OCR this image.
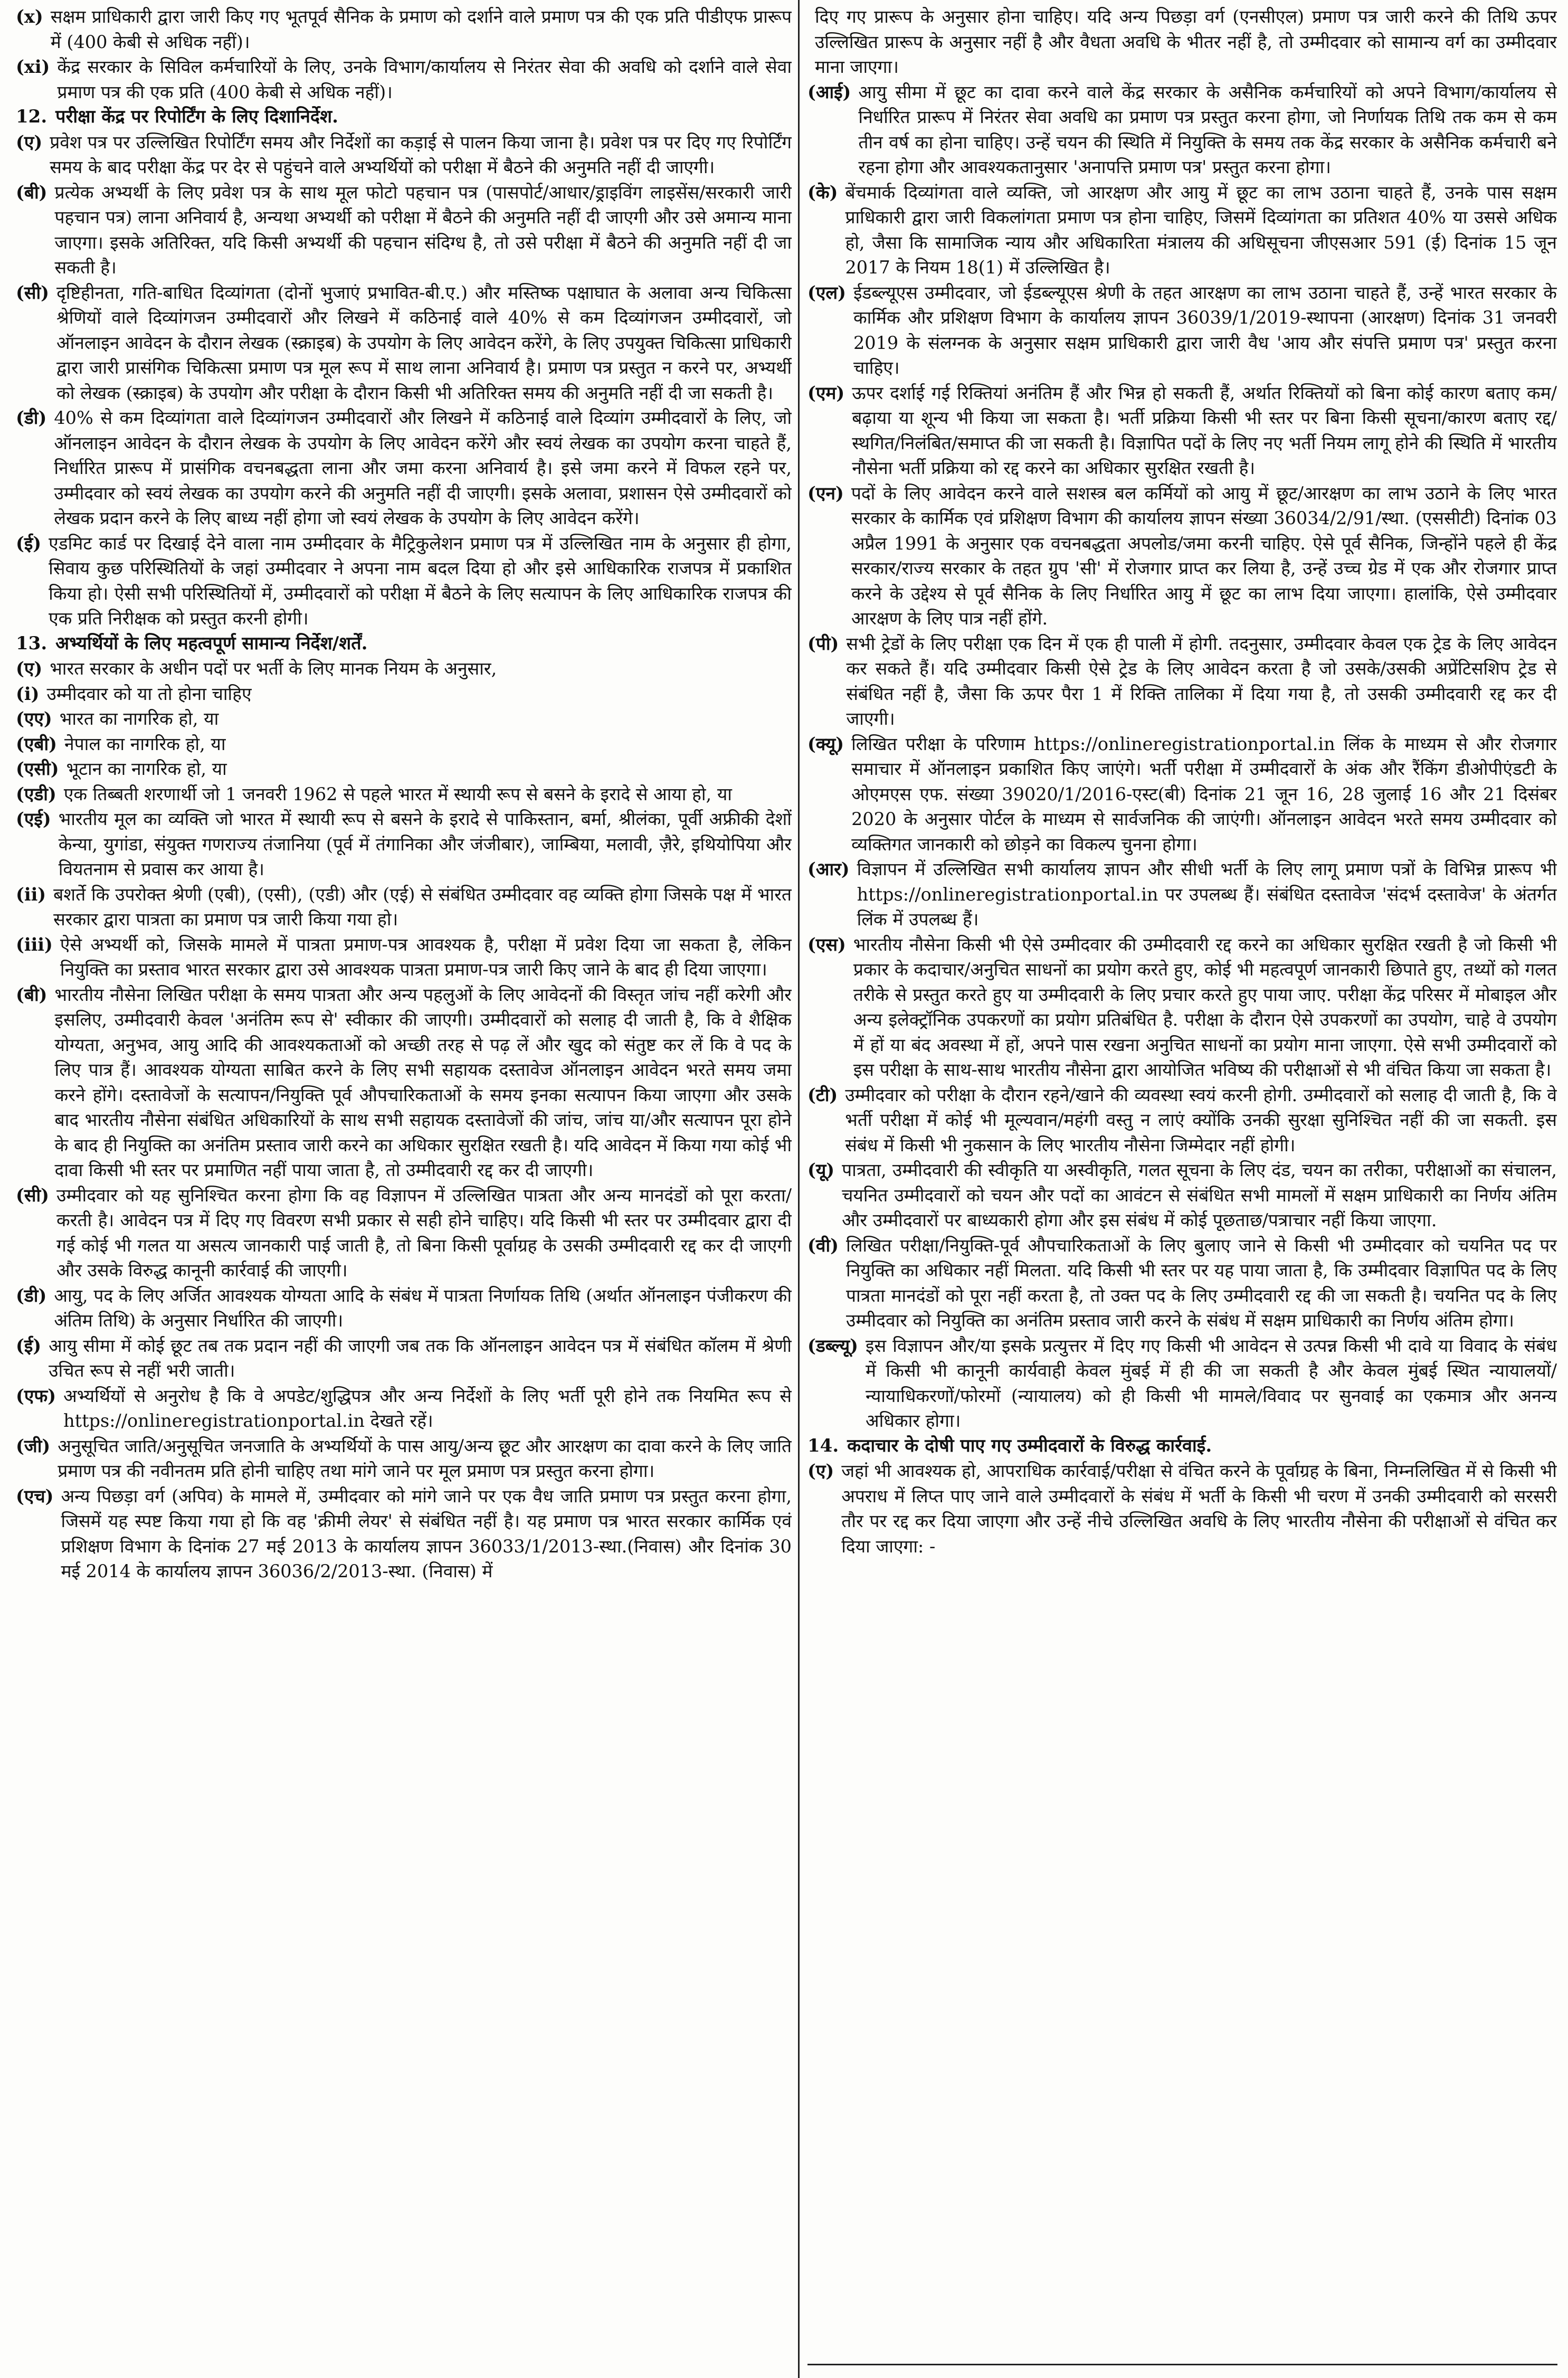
(x) सक्षम प्राधिकारी द्वारा जारी किए गए भूतपूर्व सैनिक के प्रमाण को दर्शाने वाले प्रमाण पत्र की एक प्रति पीडीएफ प्रारूप में (400 केबी से अधिक नहीं)।
(xi) केंद्र सरकार के सिविल कर्मचारियों के लिए, उनके विभाग/कार्यालय से निरंतर सेवा की अवधि को दर्शाने वाले सेवा प्रमाण पत्र की एक प्रति (400 केबी से अधिक नहीं)।
12. परीक्षा केंद्र पर रिपोर्टिंग के लिए दिशानिर्देश.
(ए) प्रवेश पत्र पर उल्लिखित रिपोर्टिंग समय और निर्देशों का कड़ाई से पालन किया जाना है। प्रवेश पत्र पर दिए गए रिपोर्टिंग समय के बाद परीक्षा केंद्र पर देर से पहुंचने वाले अभ्यर्थियों को परीक्षा में बैठने की अनुमति नहीं दी जाएगी।
(बी) प्रत्येक अभ्यर्थी के लिए प्रवेश पत्र के साथ मूल फोटो पहचान पत्र (पासपोर्ट/आधार/ड्राइविंग लाइसेंस/सरकारी जारी पहचान पत्र) लाना अनिवार्य है, अन्यथा अभ्यर्थी को परीक्षा में बैठने की अनुमति नहीं दी जाएगी और उसे अमान्य माना जाएगा। इसके अतिरिक्त, यदि किसी अभ्यर्थी की पहचान संदिग्ध है, तो उसे परीक्षा में बैठने की अनुमति नहीं दी जा सकती है।
(सी) दृष्टिहीनता, गति-बाधित दिव्यांगता (दोनों भुजाएं प्रभावित-बी.ए.) और मस्तिष्क पक्षाघात के अलावा अन्य चिकित्सा श्रेणियों वाले दिव्यांगजन उम्मीदवारों और लिखने में कठिनाई वाले 40% से कम दिव्यांगजन उम्मीदवारों, जो ऑनलाइन आवेदन के दौरान लेखक (स्क्राइब) के उपयोग के लिए आवेदन करेंगे, के लिए उपयुक्त चिकित्सा प्राधिकारी द्वारा जारी प्रासंगिक चिकित्सा प्रमाण पत्र मूल रूप में साथ लाना अनिवार्य है। प्रमाण पत्र प्रस्तुत न करने पर, अभ्यर्थी को लेखक (स्क्राइब) के उपयोग और परीक्षा के दौरान किसी भी अतिरिक्त समय की अनुमति नहीं दी जा सकती है।
(डी) 40% से कम दिव्यांगता वाले दिव्यांगजन उम्मीदवारों और लिखने में कठिनाई वाले दिव्यांग उम्मीदवारों के लिए, जो ऑनलाइन आवेदन के दौरान लेखक के उपयोग के लिए आवेदन करेंगे और स्वयं लेखक का उपयोग करना चाहते हैं, निर्धारित प्रारूप में प्रासंगिक वचनबद्धता लाना और जमा करना अनिवार्य है। इसे जमा करने में विफल रहने पर, उम्मीदवार को स्वयं लेखक का उपयोग करने की अनुमति नहीं दी जाएगी। इसके अलावा, प्रशासन ऐसे उम्मीदवारों को लेखक प्रदान करने के लिए बाध्य नहीं होगा जो स्वयं लेखक के उपयोग के लिए आवेदन करेंगे।
(ई) एडमिट कार्ड पर दिखाई देने वाला नाम उम्मीदवार के मैट्रिकुलेशन प्रमाण पत्र में उल्लिखित नाम के अनुसार ही होगा, सिवाय कुछ परिस्थितियों के जहां उम्मीदवार ने अपना नाम बदल दिया हो और इसे आधिकारिक राजपत्र में प्रकाशित किया हो। ऐसी सभी परिस्थितियों में, उम्मीदवारों को परीक्षा में बैठने के लिए सत्यापन के लिए आधिकारिक राजपत्र की एक प्रति निरीक्षक को प्रस्तुत करनी होगी।
13. अभ्यर्थियों के लिए महत्वपूर्ण सामान्य निर्देश/शर्तें.
(ए) भारत सरकार के अधीन पदों पर भर्ती के लिए मानक नियम के अनुसार,
(i) उम्मीदवार को या तो होना चाहिए
(एए) भारत का नागरिक हो, या
(एबी) नेपाल का नागरिक हो, या
(एसी) भूटान का नागरिक हो, या
(एडी) एक तिब्बती शरणार्थी जो 1 जनवरी 1962 से पहले भारत में स्थायी रूप से बसने के इरादे से आया हो, या
(एई) भारतीय मूल का व्यक्ति जो भारत में स्थायी रूप से बसने के इरादे से पाकिस्तान, बर्मा, श्रीलंका, पूर्वी अफ्रीकी देशों केन्या, युगांडा, संयुक्त गणराज्य तंजानिया (पूर्व में तंगानिका और जंजीबार), जाम्बिया, मलावी, ज़ैरे, इथियोपिया और वियतनाम से प्रवास कर आया है।
(ii) बशर्ते कि उपरोक्त श्रेणी (एबी), (एसी), (एडी) और (एई) से संबंधित उम्मीदवार वह व्यक्ति होगा जिसके पक्ष में भारत सरकार द्वारा पात्रता का प्रमाण पत्र जारी किया गया हो।
(iii) ऐसे अभ्यर्थी को, जिसके मामले में पात्रता प्रमाण-पत्र आवश्यक है, परीक्षा में प्रवेश दिया जा सकता है, लेकिन नियुक्ति का प्रस्ताव भारत सरकार द्वारा उसे आवश्यक पात्रता प्रमाण-पत्र जारी किए जाने के बाद ही दिया जाएगा।
(बी) भारतीय नौसेना लिखित परीक्षा के समय पात्रता और अन्य पहलुओं के लिए आवेदनों की विस्तृत जांच नहीं करेगी और इसलिए, उम्मीदवारी केवल 'अनंतिम रूप से' स्वीकार की जाएगी। उम्मीदवारों को सलाह दी जाती है, कि वे शैक्षिक योग्यता, अनुभव, आयु आदि की आवश्यकताओं को अच्छी तरह से पढ़ लें और खुद को संतुष्ट कर लें कि वे पद के लिए पात्र हैं। आवश्यक योग्यता साबित करने के लिए सभी सहायक दस्तावेज ऑनलाइन आवेदन भरते समय जमा करने होंगे। दस्तावेजों के सत्यापन/नियुक्ति पूर्व औपचारिकताओं के समय इनका सत्यापन किया जाएगा और उसके बाद भारतीय नौसेना संबंधित अधिकारियों के साथ सभी सहायक दस्तावेजों की जांच, जांच या/और सत्यापन पूरा होने के बाद ही नियुक्ति का अनंतिम प्रस्ताव जारी करने का अधिकार सुरक्षित रखती है। यदि आवेदन में किया गया कोई भी दावा किसी भी स्तर पर प्रमाणित नहीं पाया जाता है, तो उम्मीदवारी रद्द कर दी जाएगी।
(सी) उम्मीदवार को यह सुनिश्चित करना होगा कि वह विज्ञापन में उल्लिखित पात्रता और अन्य मानदंडों को पूरा करता/करती है। आवेदन पत्र में दिए गए विवरण सभी प्रकार से सही होने चाहिए। यदि किसी भी स्तर पर उम्मीदवार द्वारा दी गई कोई भी गलत या असत्य जानकारी पाई जाती है, तो बिना किसी पूर्वाग्रह के उसकी उम्मीदवारी रद्द कर दी जाएगी और उसके विरुद्ध कानूनी कार्रवाई की जाएगी।
(डी) आयु, पद के लिए अर्जित आवश्यक योग्यता आदि के संबंध में पात्रता निर्णायक तिथि (अर्थात ऑनलाइन पंजीकरण की अंतिम तिथि) के अनुसार निर्धारित की जाएगी।
(ई) आयु सीमा में कोई छूट तब तक प्रदान नहीं की जाएगी जब तक कि ऑनलाइन आवेदन पत्र में संबंधित कॉलम में श्रेणी उचित रूप से नहीं भरी जाती।
(एफ) अभ्यर्थियों से अनुरोध है कि वे अपडेट/शुद्धिपत्र और अन्य निर्देशों के लिए भर्ती पूरी होने तक नियमित रूप से https://onlineregistrationportal.in देखते रहें।
(जी) अनुसूचित जाति/अनुसूचित जनजाति के अभ्यर्थियों के पास आयु/अन्य छूट और आरक्षण का दावा करने के लिए जाति प्रमाण पत्र की नवीनतम प्रति होनी चाहिए तथा मांगे जाने पर मूल प्रमाण पत्र प्रस्तुत करना होगा।
(एच) अन्य पिछड़ा वर्ग (अपिव) के मामले में, उम्मीदवार को मांगे जाने पर एक वैध जाति प्रमाण पत्र प्रस्तुत करना होगा, जिसमें यह स्पष्ट किया गया हो कि वह 'क्रीमी लेयर' से संबंधित नहीं है। यह प्रमाण पत्र भारत सरकार कार्मिक एवं प्रशिक्षण विभाग के दिनांक 27 मई 2013 के कार्यालय ज्ञापन 36033/1/2013-स्था.(निवास) और दिनांक 30 मई 2014 के कार्यालय ज्ञापन 36036/2/2013-स्था. (निवास) में
दिए गए प्रारूप के अनुसार होना चाहिए। यदि अन्य पिछड़ा वर्ग (एनसीएल) प्रमाण पत्र जारी करने की तिथि ऊपर उल्लिखित प्रारूप के अनुसार नहीं है और वैधता अवधि के भीतर नहीं है, तो उम्मीदवार को सामान्य वर्ग का उम्मीदवार माना जाएगा।
(आई) आयु सीमा में छूट का दावा करने वाले केंद्र सरकार के असैनिक कर्मचारियों को अपने विभाग/कार्यालय से निर्धारित प्रारूप में निरंतर सेवा अवधि का प्रमाण पत्र प्रस्तुत करना होगा, जो निर्णायक तिथि तक कम से कम तीन वर्ष का होना चाहिए। उन्हें चयन की स्थिति में नियुक्ति के समय तक केंद्र सरकार के असैनिक कर्मचारी बने रहना होगा और आवश्यकतानुसार 'अनापत्ति प्रमाण पत्र' प्रस्तुत करना होगा।
(के) बेंचमार्क दिव्यांगता वाले व्यक्ति, जो आरक्षण और आयु में छूट का लाभ उठाना चाहते हैं, उनके पास सक्षम प्राधिकारी द्वारा जारी विकलांगता प्रमाण पत्र होना चाहिए, जिसमें दिव्यांगता का प्रतिशत 40% या उससे अधिक हो, जैसा कि सामाजिक न्याय और अधिकारिता मंत्रालय की अधिसूचना जीएसआर 591 (ई) दिनांक 15 जून 2017 के नियम 18(1) में उल्लिखित है।
(एल) ईडब्ल्यूएस उम्मीदवार, जो ईडब्ल्यूएस श्रेणी के तहत आरक्षण का लाभ उठाना चाहते हैं, उन्हें भारत सरकार के कार्मिक और प्रशिक्षण विभाग के कार्यालय ज्ञापन 36039/1/2019-स्थापना (आरक्षण) दिनांक 31 जनवरी 2019 के संलग्नक के अनुसार सक्षम प्राधिकारी द्वारा जारी वैध 'आय और संपत्ति प्रमाण पत्र' प्रस्तुत करना चाहिए।
(एम) ऊपर दर्शाई गई रिक्तियां अनंतिम हैं और भिन्न हो सकती हैं, अर्थात रिक्तियों को बिना कोई कारण बताए कम/बढ़ाया या शून्य भी किया जा सकता है। भर्ती प्रक्रिया किसी भी स्तर पर बिना किसी सूचना/कारण बताए रद्द/स्थगित/निलंबित/समाप्त की जा सकती है। विज्ञापित पदों के लिए नए भर्ती नियम लागू होने की स्थिति में भारतीय नौसेना भर्ती प्रक्रिया को रद्द करने का अधिकार सुरक्षित रखती है।
(एन) पदों के लिए आवेदन करने वाले सशस्त्र बल कर्मियों को आयु में छूट/आरक्षण का लाभ उठाने के लिए भारत सरकार के कार्मिक एवं प्रशिक्षण विभाग की कार्यालय ज्ञापन संख्या 36034/2/91/स्था. (एससीटी) दिनांक 03 अप्रैल 1991 के अनुसार एक वचनबद्धता अपलोड/जमा करनी चाहिए. ऐसे पूर्व सैनिक, जिन्होंने पहले ही केंद्र सरकार/राज्य सरकार के तहत ग्रुप 'सी' में रोजगार प्राप्त कर लिया है, उन्हें उच्च ग्रेड में एक और रोजगार प्राप्त करने के उद्देश्य से पूर्व सैनिक के लिए निर्धारित आयु में छूट का लाभ दिया जाएगा। हालांकि, ऐसे उम्मीदवार आरक्षण के लिए पात्र नहीं होंगे.
(पी) सभी ट्रेडों के लिए परीक्षा एक दिन में एक ही पाली में होगी. तदनुसार, उम्मीदवार केवल एक ट्रेड के लिए आवेदन कर सकते हैं। यदि उम्मीदवार किसी ऐसे ट्रेड के लिए आवेदन करता है जो उसके/उसकी अप्रेंटिसशिप ट्रेड से संबंधित नहीं है, जैसा कि ऊपर पैरा 1 में रिक्ति तालिका में दिया गया है, तो उसकी उम्मीदवारी रद्द कर दी जाएगी।
(क्यू) लिखित परीक्षा के परिणाम https://onlineregistrationportal.in लिंक के माध्यम से और रोजगार समाचार में ऑनलाइन प्रकाशित किए जाएंगे। भर्ती परीक्षा में उम्मीदवारों के अंक और रैंकिंग डीओपीएंडटी के ओएमएस एफ. संख्या 39020/1/2016-एस्ट(बी) दिनांक 21 जून 16, 28 जुलाई 16 और 21 दिसंबर 2020 के अनुसार पोर्टल के माध्यम से सार्वजनिक की जाएंगी। ऑनलाइन आवेदन भरते समय उम्मीदवार को व्यक्तिगत जानकारी को छोड़ने का विकल्प चुनना होगा।
(आर) विज्ञापन में उल्लिखित सभी कार्यालय ज्ञापन और सीधी भर्ती के लिए लागू प्रमाण पत्रों के विभिन्न प्रारूप भी https://onlineregistrationportal.in पर उपलब्ध हैं। संबंधित दस्तावेज 'संदर्भ दस्तावेज' के अंतर्गत लिंक में उपलब्ध हैं।
(एस) भारतीय नौसेना किसी भी ऐसे उम्मीदवार की उम्मीदवारी रद्द करने का अधिकार सुरक्षित रखती है जो किसी भी प्रकार के कदाचार/अनुचित साधनों का प्रयोग करते हुए, कोई भी महत्वपूर्ण जानकारी छिपाते हुए, तथ्यों को गलत तरीके से प्रस्तुत करते हुए या उम्मीदवारी के लिए प्रचार करते हुए पाया जाए. परीक्षा केंद्र परिसर में मोबाइल और अन्य इलेक्ट्रॉनिक उपकरणों का प्रयोग प्रतिबंधित है. परीक्षा के दौरान ऐसे उपकरणों का उपयोग, चाहे वे उपयोग में हों या बंद अवस्था में हों, अपने पास रखना अनुचित साधनों का प्रयोग माना जाएगा. ऐसे सभी उम्मीदवारों को इस परीक्षा के साथ-साथ भारतीय नौसेना द्वारा आयोजित भविष्य की परीक्षाओं से भी वंचित किया जा सकता है।
(टी) उम्मीदवार को परीक्षा के दौरान रहने/खाने की व्यवस्था स्वयं करनी होगी. उम्मीदवारों को सलाह दी जाती है, कि वे भर्ती परीक्षा में कोई भी मूल्यवान/महंगी वस्तु न लाएं क्योंकि उनकी सुरक्षा सुनिश्चित नहीं की जा सकती. इस संबंध में किसी भी नुकसान के लिए भारतीय नौसेना जिम्मेदार नहीं होगी।
(यू) पात्रता, उम्मीदवारी की स्वीकृति या अस्वीकृति, गलत सूचना के लिए दंड, चयन का तरीका, परीक्षाओं का संचालन, चयनित उम्मीदवारों को चयन और पदों का आवंटन से संबंधित सभी मामलों में सक्षम प्राधिकारी का निर्णय अंतिम और उम्मीदवारों पर बाध्यकारी होगा और इस संबंध में कोई पूछताछ/पत्राचार नहीं किया जाएगा.
(वी) लिखित परीक्षा/नियुक्ति-पूर्व औपचारिकताओं के लिए बुलाए जाने से किसी भी उम्मीदवार को चयनित पद पर नियुक्ति का अधिकार नहीं मिलता. यदि किसी भी स्तर पर यह पाया जाता है, कि उम्मीदवार विज्ञापित पद के लिए पात्रता मानदंडों को पूरा नहीं करता है, तो उक्त पद के लिए उम्मीदवारी रद्द की जा सकती है। चयनित पद के लिए उम्मीदवार को नियुक्ति का अनंतिम प्रस्ताव जारी करने के संबंध में सक्षम प्राधिकारी का निर्णय अंतिम होगा।
(डब्ल्यू) इस विज्ञापन और/या इसके प्रत्युत्तर में दिए गए किसी भी आवेदन से उत्पन्न किसी भी दावे या विवाद के संबंध में किसी भी कानूनी कार्यवाही केवल मुंबई में ही की जा सकती है और केवल मुंबई स्थित न्यायालयों/न्यायाधिकरणों/फोरमों (न्यायालय) को ही किसी भी मामले/विवाद पर सुनवाई का एकमात्र और अनन्य अधिकार होगा।
14. कदाचार के दोषी पाए गए उम्मीदवारों के विरुद्ध कार्रवाई.
(ए) जहां भी आवश्यक हो, आपराधिक कार्रवाई/परीक्षा से वंचित करने के पूर्वाग्रह के बिना, निम्नलिखित में से किसी भी अपराध में लिप्त पाए जाने वाले उम्मीदवारों के संबंध में भर्ती के किसी भी चरण में उनकी उम्मीदवारी को सरसरी तौर पर रद्द कर दिया जाएगा और उन्हें नीचे उल्लिखित अवधि के लिए भारतीय नौसेना की परीक्षाओं से वंचित कर दिया जाएगा: -
